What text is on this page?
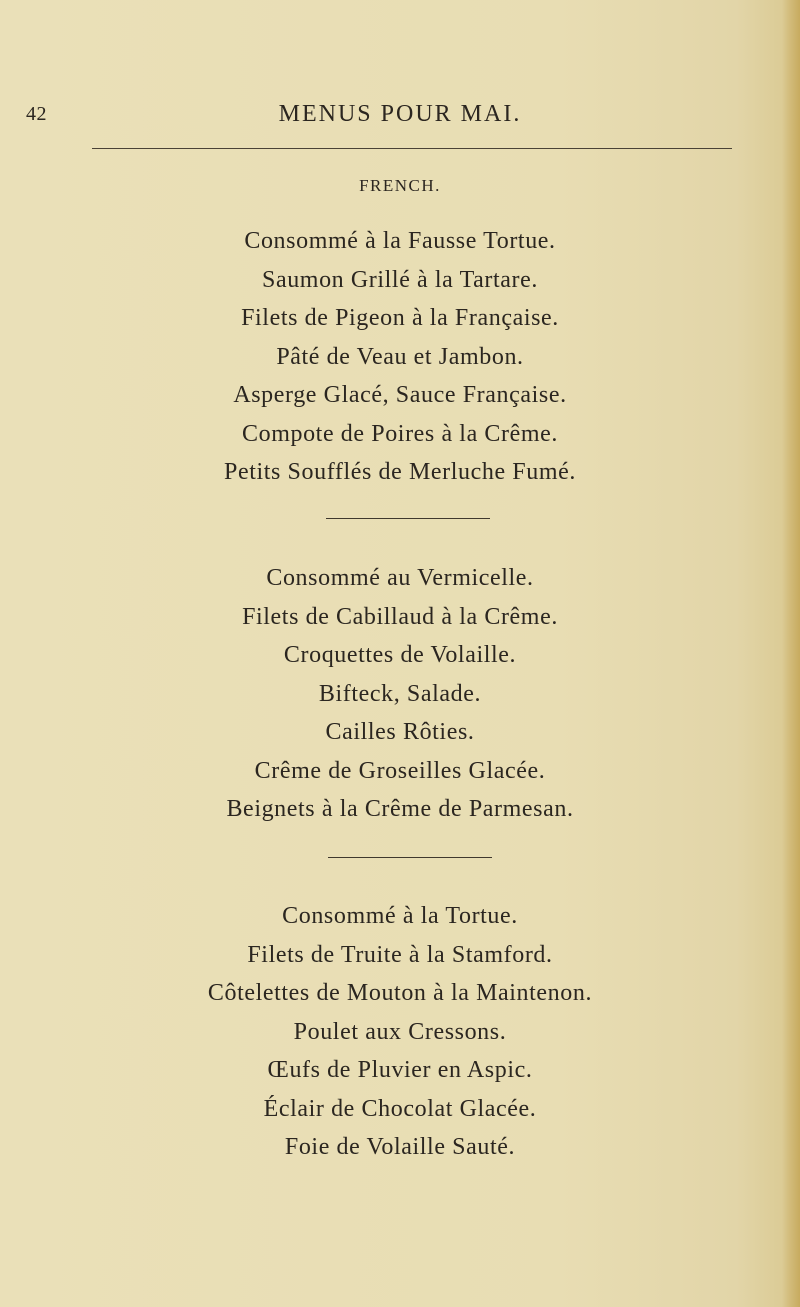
42	MENUS POUR MAI.
FRENCH.
Consommé à la Fausse Tortue.
Saumon Grillé à la Tartare.
Filets de Pigeon à la Française.
Pâté de Veau et Jambon.
Asperge Glacé, Sauce Française.
Compote de Poires à la Crême.
Petits Soufflés de Merluche Fumé.
Consommé au Vermicelle.
Filets de Cabillaud à la Crême.
Croquettes de Volaille.
Bifteck, Salade.
Cailles Rôties.
Crême de Groseilles Glacée.
Beignets à la Crême de Parmesan.
Consommé à la Tortue.
Filets de Truite à la Stamford.
Côtelettes de Mouton à la Maintenon.
Poulet aux Cressons.
Œufs de Pluvier en Aspic.
Éclair de Chocolat Glacée.
Foie de Volaille Sauté.
